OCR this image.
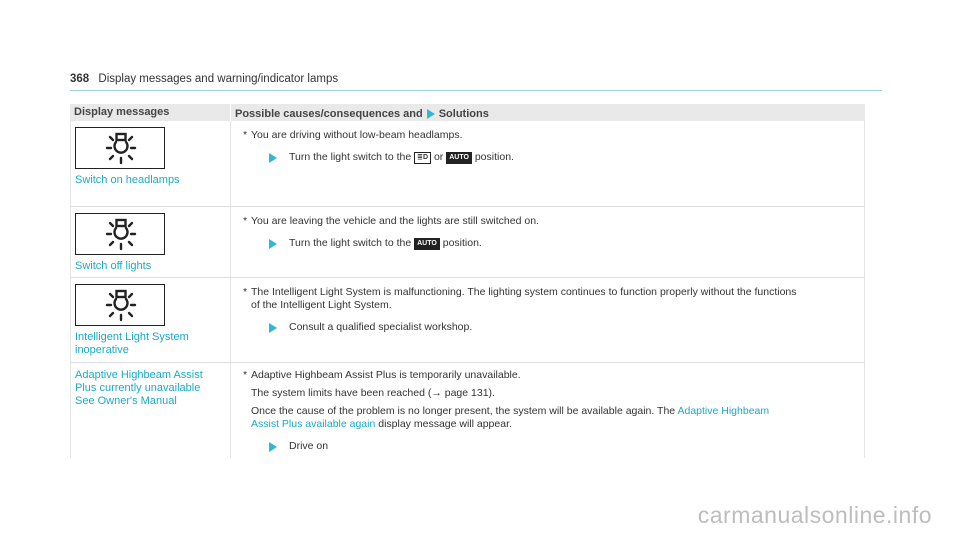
368 Display messages and warning/indicator lamps
Display messages	Possible causes/consequences and Solutions
Switch on headlamps
* You are driving without low-beam headlamps.
Turn the light switch to the
≣D
or
AUTO
position.
Switch off lights
* You are leaving the vehicle and the lights are still switched on.
Turn the light switch to the
AUTO
position.
Intelligent Light System
inoperative
* The Intelligent Light System is malfunctioning. The lighting system continues to function properly without the functions
of the Intelligent Light System.
Consult a qualified specialist workshop.
Adaptive Highbeam Assist
Plus currently unavailable
See Owner's Manual
* Adaptive Highbeam Assist Plus is temporarily unavailable.
The system limits have been reached (→ page 131).
Once the cause of the problem is no longer present, the system will be available again. The Adaptive Highbeam
Assist Plus available again display message will appear.
Drive on
carmanualsonline.info
